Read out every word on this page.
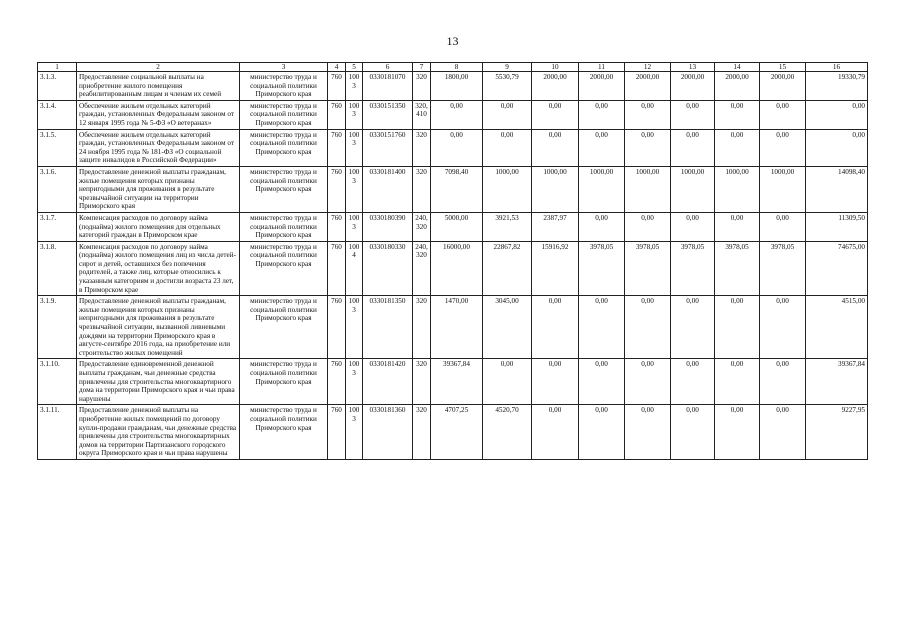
13
1	2	3	4	5	6	7	8	9	10	11	12	13	14	15	16
3.1.3.	Предоставление социальной выплаты на приобретение жилого помещения реабилитированным лицам и членам их семей	министерство труда и социальной политики Приморского края	760	1003	0330181070	320	1800,00	5530,79	2000,00	2000,00	2000,00	2000,00	2000,00	2000,00	19330,79
3.1.4.	Обеспечение жильем отдельных категорий граждан, установленных Федеральным законом от 12 января 1995 года № 5-ФЗ «О ветеранах»	министерство труда и социальной политики Приморского края	760	1003	0330151350	320, 410	0,00	0,00	0,00	0,00	0,00	0,00	0,00	0,00	0,00
3.1.5.	Обеспечение жильем отдельных категорий граждан, установленных Федеральным законом от 24 ноября 1995 года № 181-ФЗ «О социальной защите инвалидов в Российской Федерации»	министерство труда и социальной политики Приморского края	760	1003	0330151760	320	0,00	0,00	0,00	0,00	0,00	0,00	0,00	0,00	0,00
3.1.6.	Предоставление денежной выплаты гражданам, жилые помещения которых признаны непригодными для проживания в результате чрезвычайной ситуации на территории Приморского края	министерство труда и социальной политики Приморского края	760	1003	0330181400	320	7098,40	1000,00	1000,00	1000,00	1000,00	1000,00	1000,00	1000,00	14098,40
3.1.7.	Компенсация расходов по договору найма (поднайма) жилого помещения для отдельных категорий граждан в Приморском крае	министерство труда и социальной политики Приморского края	760	1003	0330180390	240, 320	5000,00	3921,53	2387,97	0,00	0,00	0,00	0,00	0,00	11309,50
3.1.8.	Компенсация расходов по договору найма (поднайма) жилого помещения лиц из числа детей-сирот и детей, оставшихся без попечения родителей, а также лиц, которые относились к указанным категориям и достигли возраста 23 лет, в Приморском крае	министерство труда и социальной политики Приморского края	760	1004	0330180330	240, 320	16000,00	22867,82	15916,92	3978,05	3978,05	3978,05	3978,05	3978,05	74675,00
3.1.9.	Предоставление денежной выплаты гражданам, жилые помещения которых признаны непригодными для проживания в результате чрезвычайной ситуации, вызванной ливневыми дождями на территории Приморского края в августе-сентябре 2016 года, на приобретение или строительство жилых помещений	министерство труда и социальной политики Приморского края	760	1003	0330181350	320	1470,00	3045,00	0,00	0,00	0,00	0,00	0,00	0,00	4515,00
3.1.10.	Предоставление единовременной денежной выплаты гражданам, чьи денежные средства привлечены для строительства многоквартирного дома на территории Приморского края и чьи права нарушены	министерство труда и социальной политики Приморского края	760	1003	0330181420	320	39367,84	0,00	0,00	0,00	0,00	0,00	0,00	0,00	39367,84
3.1.11.	Предоставление денежной выплаты на приобретение жилых помещений по договору купли-продажи гражданам, чьи денежные средства привлечены для строительства многоквартирных домов на территории Партизанского городского округа Приморского края и чьи права нарушены	министерство труда и социальной политики Приморского края	760	1003	0330181360	320	4707,25	4520,70	0,00	0,00	0,00	0,00	0,00	0,00	9227,95
